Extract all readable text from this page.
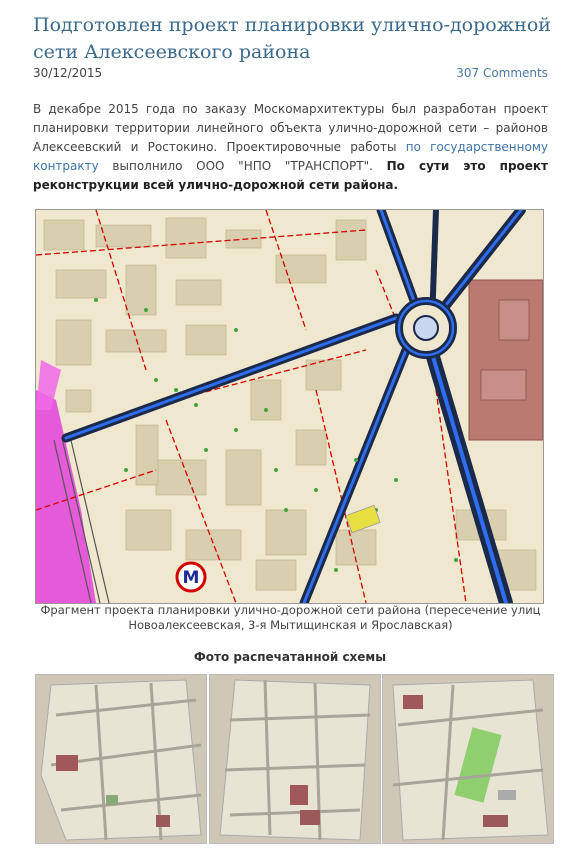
Подготовлен проект планировки улично-дорожной сети Алексеевского района
30/12/2015	307 Comments

В декабре 2015 года по заказу Москомархитектуры был разработан проект планировки территории линейного объекта улично-дорожной сети – районов Алексеевский и Ростокино. Проектировочные работы по государственному контракту выполнило ООО "НПО "ТРАНСПОРТ". По сути это проект реконструкции всей улично-дорожной сети района.

М
Фрагмент проекта планировки улично-дорожной сети района (пересечение улиц Новоалексеевская, 3-я Мытищинская и Ярославская)
Фото распечатанной схемы
